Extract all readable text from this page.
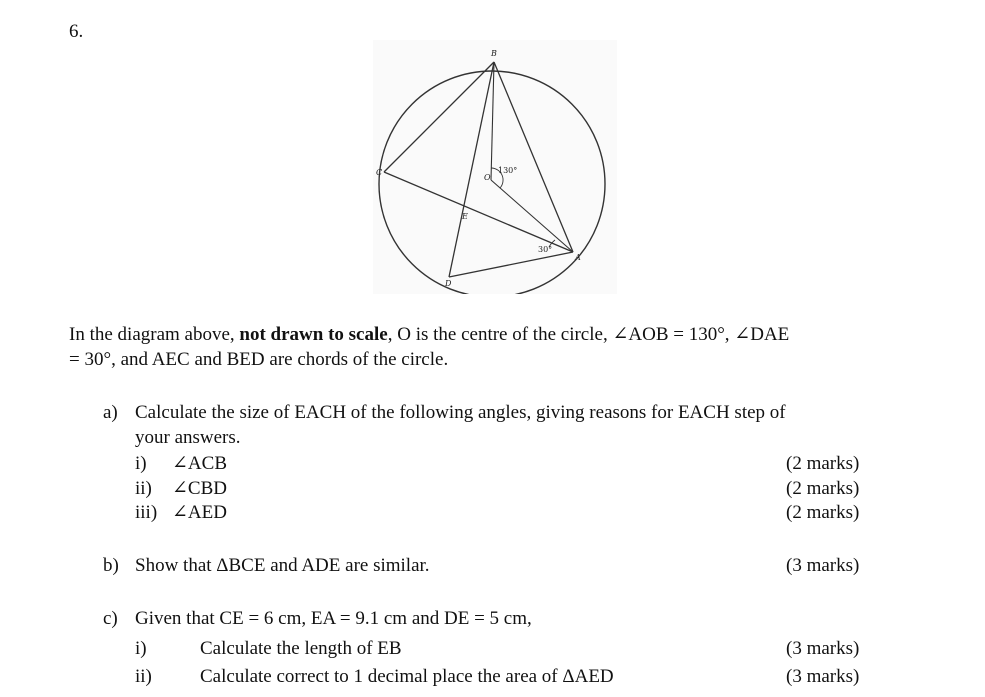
6.
B
C
D
A
E
O
130°
30°
In the diagram above, not drawn to scale, O is the centre of the circle, ∠AOB = 130°, ∠DAE
= 30°, and AEC and BED are chords of the circle.
a) Calculate the size of EACH of the following angles, giving reasons for EACH step of
your answers.
i) ∠ACB	(2 marks)
ii) ∠CBD	(2 marks)
iii) ∠AED	(2 marks)
b) Show that ΔBCE and ADE are similar.	(3 marks)
c) Given that CE = 6 cm, EA = 9.1 cm and DE = 5 cm,
i)	Calculate the length of EB	(3 marks)
ii)	Calculate correct to 1 decimal place the area of ΔAED	(3 marks)
